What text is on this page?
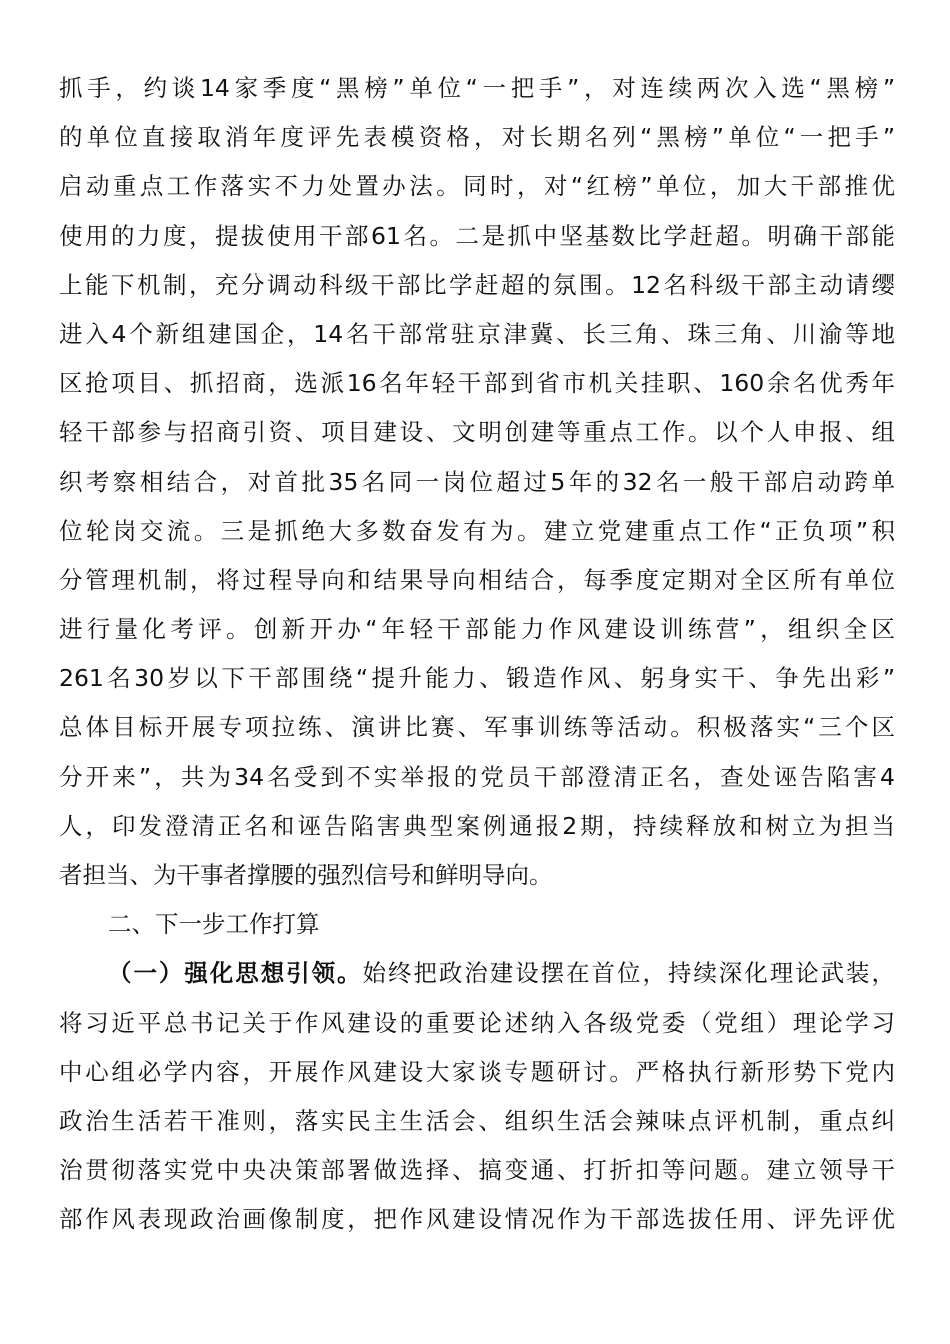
抓手，约谈14家季度“黑榜”单位“一把手”，对连续两次入选“黑榜”
的单位直接取消年度评先表模资格，对长期名列“黑榜”单位“一把手”
启动重点工作落实不力处置办法。同时，对“红榜”单位，加大干部推优
使用的力度，提拔使用干部61名。二是抓中坚基数比学赶超。明确干部能
上能下机制，充分调动科级干部比学赶超的氛围。12名科级干部主动请缨
进入4个新组建国企，14名干部常驻京津冀、长三角、珠三角、川渝等地
区抢项目、抓招商，选派16名年轻干部到省市机关挂职、160余名优秀年
轻干部参与招商引资、项目建设、文明创建等重点工作。以个人申报、组
织考察相结合，对首批35名同一岗位超过5年的32名一般干部启动跨单
位轮岗交流。三是抓绝大多数奋发有为。建立党建重点工作“正负项”积
分管理机制，将过程导向和结果导向相结合，每季度定期对全区所有单位
进行量化考评。创新开办“年轻干部能力作风建设训练营”，组织全区
261名30岁以下干部围绕“提升能力、锻造作风、躬身实干、争先出彩”
总体目标开展专项拉练、演讲比赛、军事训练等活动。积极落实“三个区
分开来”，共为34名受到不实举报的党员干部澄清正名，查处诬告陷害4
人，印发澄清正名和诬告陷害典型案例通报2期，持续释放和树立为担当
者担当、为干事者撑腰的强烈信号和鲜明导向。
二、下一步工作打算
（一）强化思想引领。始终把政治建设摆在首位，持续深化理论武装，
将习近平总书记关于作风建设的重要论述纳入各级党委（党组）理论学习
中心组必学内容，开展作风建设大家谈专题研讨。严格执行新形势下党内
政治生活若干准则，落实民主生活会、组织生活会辣味点评机制，重点纠
治贯彻落实党中央决策部署做选择、搞变通、打折扣等问题。建立领导干
部作风表现政治画像制度，把作风建设情况作为干部选拔任用、评先评优
